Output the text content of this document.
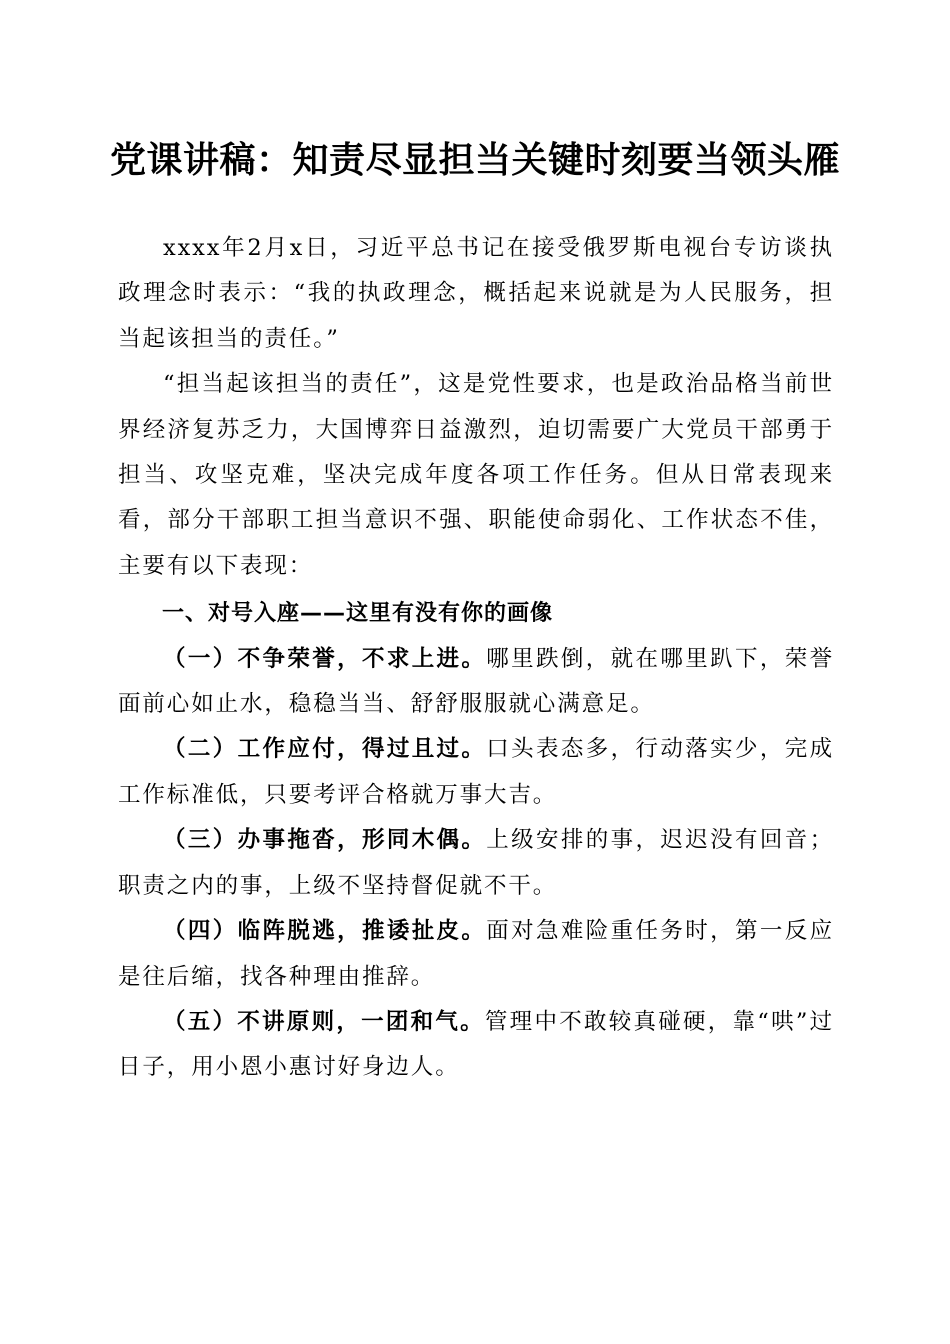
党课讲稿：知责尽显担当关键时刻要当领头雁

xxxx年2月x日，习近平总书记在接受俄罗斯电视台专访谈执政理念时表示：“我的执政理念，概括起来说就是为人民服务，担当起该担当的责任。”

“担当起该担当的责任”，这是党性要求，也是政治品格当前世界经济复苏乏力，大国博弈日益激烈，迫切需要广大党员干部勇于担当、攻坚克难，坚决完成年度各项工作任务。但从日常表现来看，部分干部职工担当意识不强、职能使命弱化、工作状态不佳，主要有以下表现：

一、对号入座——这里有没有你的画像

（一）不争荣誉，不求上进。哪里跌倒，就在哪里趴下，荣誉面前心如止水，稳稳当当、舒舒服服就心满意足。

（二）工作应付，得过且过。口头表态多，行动落实少，完成工作标准低，只要考评合格就万事大吉。

（三）办事拖沓，形同木偶。上级安排的事，迟迟没有回音；职责之内的事，上级不坚持督促就不干。

（四）临阵脱逃，推诿扯皮。面对急难险重任务时，第一反应是往后缩，找各种理由推辞。

（五）不讲原则，一团和气。管理中不敢较真碰硬，靠“哄”过日子，用小恩小惠讨好身边人。
